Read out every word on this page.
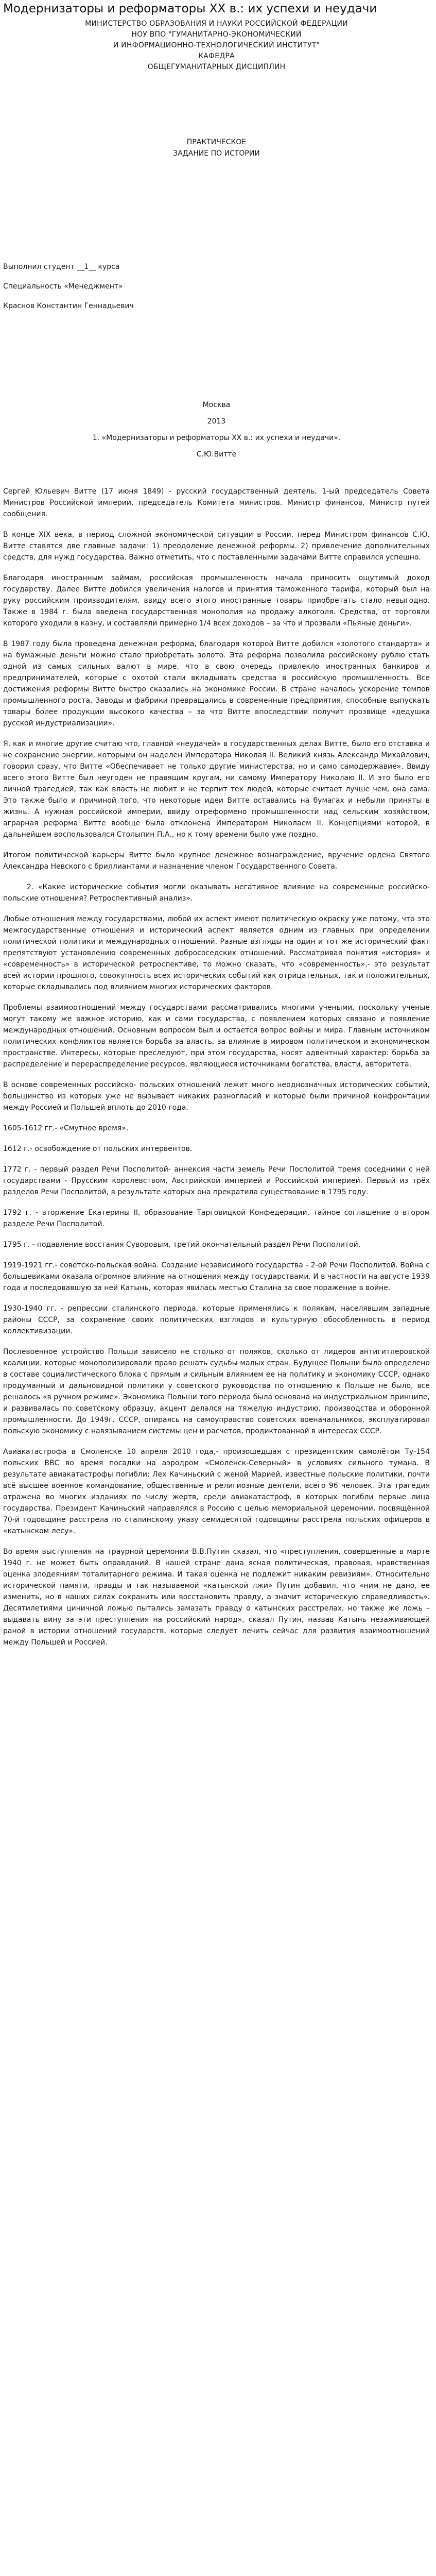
Модернизаторы и реформаторы XX в.: их успехи и неудачи
МИНИСТЕРСТВО ОБРАЗОВАНИЯ И НАУКИ РОССИЙСКОЙ ФЕДЕРАЦИИ
НОУ ВПО "ГУМАНИТАРНО-ЭКОНОМИЧЕСКИЙ
И ИНФОРМАЦИОННО-ТЕХНОЛОГИЧЕСКИЙ ИНСТИТУТ"
КАФЕДРА
ОБЩЕГУМАНИТАРНЫХ ДИСЦИПЛИН
ПРАКТИЧЕСКОЕ
ЗАДАНИЕ ПО ИСТОРИИ
Выполнил студент __1__ курса
Специальность «Менеджмент»
Краснов Константин Геннадьевич
Москва
2013
1. «Модернизаторы и реформаторы XX в.: их успехи и неудачи».
С.Ю.Витте

Сергей Юльевич Витте (17 июня 1849) - русский государственный деятель, 1-ый председатель Совета Министров Российской империи, председатель Комитета министров. Министр финансов, Министр путей сообщения.

В конце XIX века, в период сложной экономической ситуации в России, перед Министром финансов С.Ю. Витте ставятся две главные задачи: 1) преодоление денежной реформы. 2) привлечение дополнительных средств, для нужд государства. Важно отметить, что с поставленными задачами Витте справился успешно.

Благодаря иностранным займам, российская промышленность начала приносить ощутимый доход государству. Далее Витте добился увеличения налогов и принятия таможенного тарифа, который был на руку российским производителям, ввиду всего этого иностранные товары приобретать стало невыгодно. Также в 1984 г. была введена государственная монополия на продажу алкоголя. Средства, от торговли которого уходили в казну, и составляли примерно 1/4 всех доходов – за что и прозвали «Пьяные деньги».

В 1987 году была проведена денежная реформа, благодаря которой Витте добился «золотого стандарта» и на бумажные деньги можно стало приобретать золото. Эта реформа позволила российскому рублю стать одной из самых сильных валют в мире, что в свою очередь привлекло иностранных банкиров и предпринимателей, которые с охотой стали вкладывать средства в российскую промышленность. Все достижения реформы Витте быстро сказались на экономике России. В стране началось ускорение темпов промышленного роста. Заводы и фабрики превращались в современные предприятия, способные выпускать товары более продукции высокого качества – за что Витте впоследствии получит прозвище «дедушка русской индустриализации».

Я, как и многие другие считаю что, главной «неудачей» в государственных делах Витте, было его отставка и не сохранение энергии, которыми он наделен Императора Николая II. Великий князь Александр Михайлович, говорил сразу, что Витте «Обеспечивает не только другие министерства, но и само самодержавие». Ввиду всего этого Витте был неугоден не правящим кругам, ни самому Императору Николаю II. И это было его личной трагедией, так как власть не любит и не терпит тех людей, которые считает лучше чем, она сама. Это также было и причиной того, что некоторые идеи Витте оставались на бумагах и небыли приняты в жизнь. А нужная российской империи, ввиду отреформено промышленности над сельским хозяйством, аграрная реформа Витте вообще была отклонена Императором Николаем II. Концепциями которой, в дальнейшем воспользовался Столыпин П.А., но к тому времени было уже поздно.

Итогом политической карьеры Витте было крупное денежное вознаграждение, вручение ордена Святого Александра Невского с бриллиантами и назначение членом Государственного Совета.

2. «Какие исторические события могли оказывать негативное влияние на современные российско-польские отношения? Ретроспективный анализ».

Любые отношения между государствами, любой их аспект имеют политическую окраску уже потому, что это межгосударственные отношения и исторический аспект является одним из главных при определении политической политики и международных отношений. Разные взгляды на один и тот же исторический факт препятствуют установлению современных добрососедских отношений. Рассматривая понятия «история» и «современность» в исторической ретроспективе, то можно сказать, что «современность»,- это результат всей истории прошлого, совокупность всех исторических событий как отрицательных, так и положительных, которые складывались под влиянием многих исторических факторов.

Проблемы взаимоотношений между государствами рассматривались многими учеными, поскольку ученые могут такому же важное историю, как и сами государства, с появлением которых связано и появление международных отношений. Основным вопросом был и остается вопрос войны и мира. Главным источником политических конфликтов является борьба за власть, за влияние в мировом политическом и экономическом пространстве. Интересы, которые преследуют, при этом государства, носят адвентный характер: борьба за распределение и перераспределение ресурсов, являющиеся источниками богатства, власти, авторитета.

В основе современных российско- польских отношений лежит много неоднозначных исторических событий, большинство из которых уже не вызывает никаких разногласий и которые были причиной конфронтации между Россией и Польшей вплоть до 2010 года.

1605-1612 гг.- «Смутное время».

1612 г.- освобождение от польских интервентов.

1772 г. - первый раздел Речи Посполитой- аннексия части земель Речи Посполитой тремя соседними с ней государствами - Прусским королевством, Австрийской империей и Российской империей. Первый из трёх разделов Речи Посполитой, в результате которых она прекратила существование в 1795 году.

1792 г. - вторжение Екатерины II, образование Тарговицкой Конфедерации, тайное соглашение о втором разделе Речи Посполитой.

1795 г. - подавление восстания Суворовым, третий окончательный раздел Речи Посполитой.

1919-1921 гг.- советско-польская война. Создание независимого государства - 2-ой Речи Посполитой. Война с большевиками оказала огромное влияние на отношения между государствами. И в частности на августе 1939 года и последовавшую за ней Катынь, которая явилась местью Сталина за свое поражение в войне.

1930-1940 гг. - репрессии сталинского периода, которые применялись к полякам, населявшим западные районы СССР, за сохранение своих политических взглядов и культурную обособленность в период коллективизации.

Послевоенное устройство Польши зависело не столько от поляков, сколько от лидеров антигитлеровской коалиции, которые монополизировали право решать судьбы малых стран. Будущее Польши было определено в составе социалистического блока с прямым и сильным влиянием ее на политику и экономику СССР, однако продуманный и дальновидной политики у советского руководства по отношению к Польше не было, все решалось «в ручном режиме». Экономика Польши того периода была основана на индустриальном принципе, и развивалась по советскому образцу, акцент делался на тяжелую индустрию, производства и оборонной промышленности. До 1949г. СССР, опираясь на самоуправство советских военачальников, эксплуатировал польскую экономику с навязыванием системы цен и расчетов, продиктованной в интересах СССР.

Авиакатастрофа в Смоленске 10 апреля 2010 года,- произошедшая с президентским самолётом Ту-154 польских ВВС во время посадки на аэродром «Смоленск-Северный» в условиях сильного тумана. В результате авиакатастрофы погибли: Лех Качиньский с женой Марией, известные польские политики, почти всё высшее военное командование, общественные и религиозные деятели, всего 96 человек. Эта трагедия отражена во многих изданиях по числу жертв, среди авиакатастроф, в которых погибли первые лица государства. Президент Качиньский направлялся в Россию с целью мемориальной церемонии, посвящённой 70-й годовщине расстрела по сталинскому указу семидесятой годовщины расстрела польских офицеров в «катынском лесу».

Во время выступления на траурной церемонии В.В.Путин сказал, что «преступления, совершенные в марте 1940 г. не может быть оправданий. В нашей стране дана ясная политическая, правовая, нравственная оценка злодеяниям тоталитарного режима. И такая оценка не подлежит никаким ревизиям». Относительно исторической памяти, правды и так называемой «катынской лжи» Путин добавил, что «ним не дано, ее изменить, но в наших силах сохранить или восстановить правду, а значит историческую справедливость». Десятилетиями циничной ложью пытались замазать правду о катынских расстрелах, но также же ложь – выдавать вину за эти преступления на российский народ», сказал Путин, назвав Катынь незаживающей раной в истории отношений государств, которые следует лечить сейчас для развития взаимоотношений между Польшей и Россией.
